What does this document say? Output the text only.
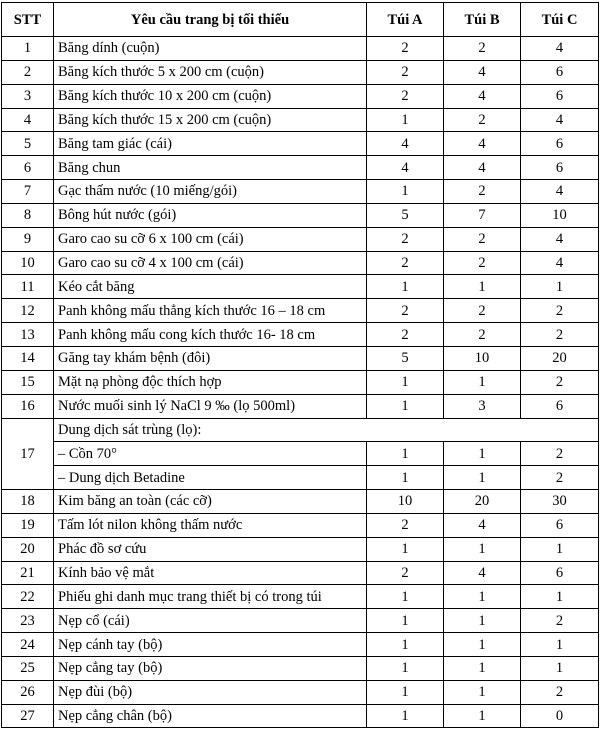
STT	Yêu cầu trang bị tối thiểu	Túi A	Túi B	Túi C
1	Băng dính (cuộn)	2	2	4
2	Băng kích thước 5 x 200 cm (cuộn)	2	4	6
3	Băng kích thước 10 x 200 cm (cuộn)	2	4	6
4	Băng kích thước 15 x 200 cm (cuộn)	1	2	4
5	Băng tam giác (cái)	4	4	6
6	Băng chun	4	4	6
7	Gạc thấm nước (10 miếng/gói)	1	2	4
8	Bông hút nước (gói)	5	7	10
9	Garo cao su cỡ 6 x 100 cm (cái)	2	2	4
10	Garo cao su cỡ 4 x 100 cm (cái)	2	2	4
11	Kéo cắt băng	1	1	1
12	Panh không mấu thẳng kích thước 16 – 18 cm	2	2	2
13	Panh không mấu cong kích thước 16- 18 cm	2	2	2
14	Găng tay khám bệnh (đôi)	5	10	20
15	Mặt nạ phòng độc thích hợp	1	1	2
16	Nước muối sinh lý NaCl 9 ‰ (lọ 500ml)	1	3	6
17	Dung dịch sát trùng (lọ):			
	– Cồn 70°	1	1	2
	– Dung dịch Betadine	1	1	2
18	Kim băng an toàn (các cỡ)	10	20	30
19	Tấm lót nilon không thấm nước	2	4	6
20	Phác đồ sơ cứu	1	1	1
21	Kính bảo vệ mắt	2	4	6
22	Phiếu ghi danh mục trang thiết bị có trong túi	1	1	1
23	Nẹp cổ (cái)	1	1	2
24	Nẹp cánh tay (bộ)	1	1	1
25	Nẹp cẳng tay (bộ)	1	1	1
26	Nẹp đùi (bộ)	1	1	2
27	Nẹp cẳng chân (bộ)	1	1	0
